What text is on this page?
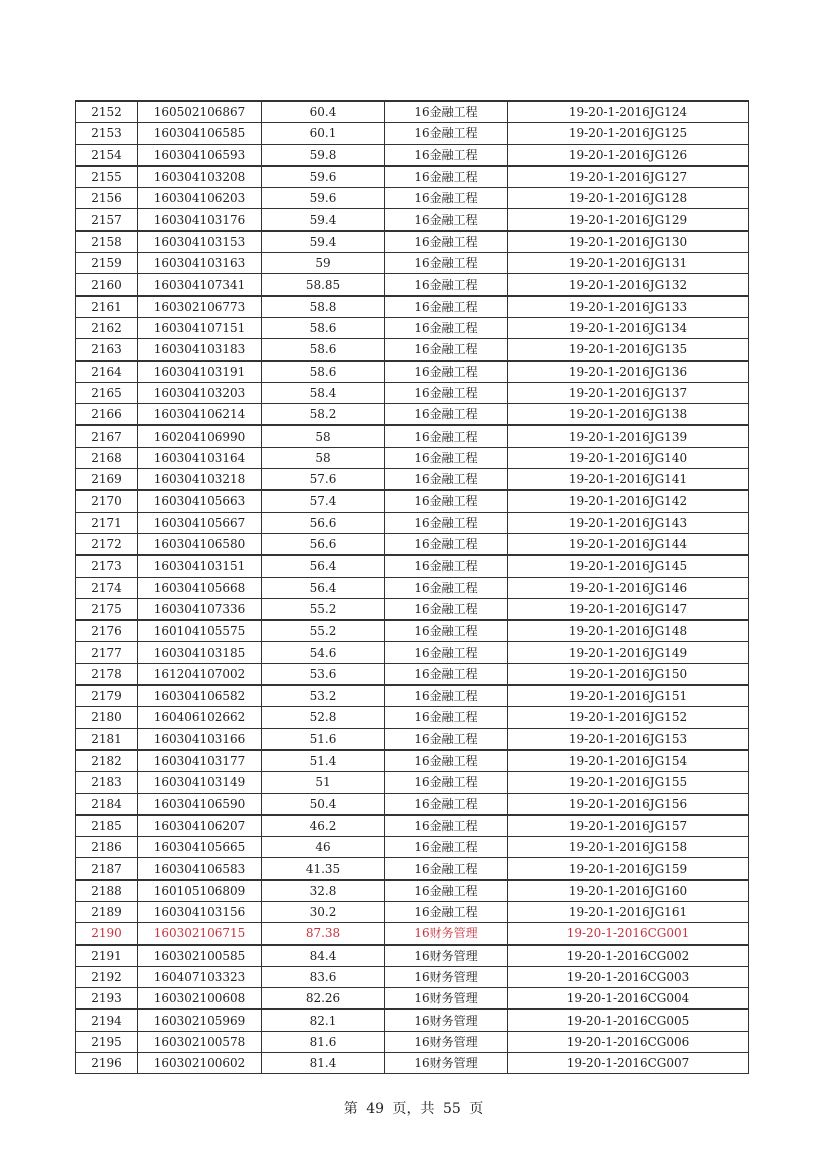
2152	160502106867	60.4	16金融工程	19-20-1-2016JG124
2153	160304106585	60.1	16金融工程	19-20-1-2016JG125
2154	160304106593	59.8	16金融工程	19-20-1-2016JG126
2155	160304103208	59.6	16金融工程	19-20-1-2016JG127
2156	160304106203	59.6	16金融工程	19-20-1-2016JG128
2157	160304103176	59.4	16金融工程	19-20-1-2016JG129
2158	160304103153	59.4	16金融工程	19-20-1-2016JG130
2159	160304103163	59	16金融工程	19-20-1-2016JG131
2160	160304107341	58.85	16金融工程	19-20-1-2016JG132
2161	160302106773	58.8	16金融工程	19-20-1-2016JG133
2162	160304107151	58.6	16金融工程	19-20-1-2016JG134
2163	160304103183	58.6	16金融工程	19-20-1-2016JG135
2164	160304103191	58.6	16金融工程	19-20-1-2016JG136
2165	160304103203	58.4	16金融工程	19-20-1-2016JG137
2166	160304106214	58.2	16金融工程	19-20-1-2016JG138
2167	160204106990	58	16金融工程	19-20-1-2016JG139
2168	160304103164	58	16金融工程	19-20-1-2016JG140
2169	160304103218	57.6	16金融工程	19-20-1-2016JG141
2170	160304105663	57.4	16金融工程	19-20-1-2016JG142
2171	160304105667	56.6	16金融工程	19-20-1-2016JG143
2172	160304106580	56.6	16金融工程	19-20-1-2016JG144
2173	160304103151	56.4	16金融工程	19-20-1-2016JG145
2174	160304105668	56.4	16金融工程	19-20-1-2016JG146
2175	160304107336	55.2	16金融工程	19-20-1-2016JG147
2176	160104105575	55.2	16金融工程	19-20-1-2016JG148
2177	160304103185	54.6	16金融工程	19-20-1-2016JG149
2178	161204107002	53.6	16金融工程	19-20-1-2016JG150
2179	160304106582	53.2	16金融工程	19-20-1-2016JG151
2180	160406102662	52.8	16金融工程	19-20-1-2016JG152
2181	160304103166	51.6	16金融工程	19-20-1-2016JG153
2182	160304103177	51.4	16金融工程	19-20-1-2016JG154
2183	160304103149	51	16金融工程	19-20-1-2016JG155
2184	160304106590	50.4	16金融工程	19-20-1-2016JG156
2185	160304106207	46.2	16金融工程	19-20-1-2016JG157
2186	160304105665	46	16金融工程	19-20-1-2016JG158
2187	160304106583	41.35	16金融工程	19-20-1-2016JG159
2188	160105106809	32.8	16金融工程	19-20-1-2016JG160
2189	160304103156	30.2	16金融工程	19-20-1-2016JG161
2190	160302106715	87.38	16财务管理	19-20-1-2016CG001
2191	160302100585	84.4	16财务管理	19-20-1-2016CG002
2192	160407103323	83.6	16财务管理	19-20-1-2016CG003
2193	160302100608	82.26	16财务管理	19-20-1-2016CG004
2194	160302105969	82.1	16财务管理	19-20-1-2016CG005
2195	160302100578	81.6	16财务管理	19-20-1-2016CG006
2196	160302100602	81.4	16财务管理	19-20-1-2016CG007
第 49 页，共 55 页
